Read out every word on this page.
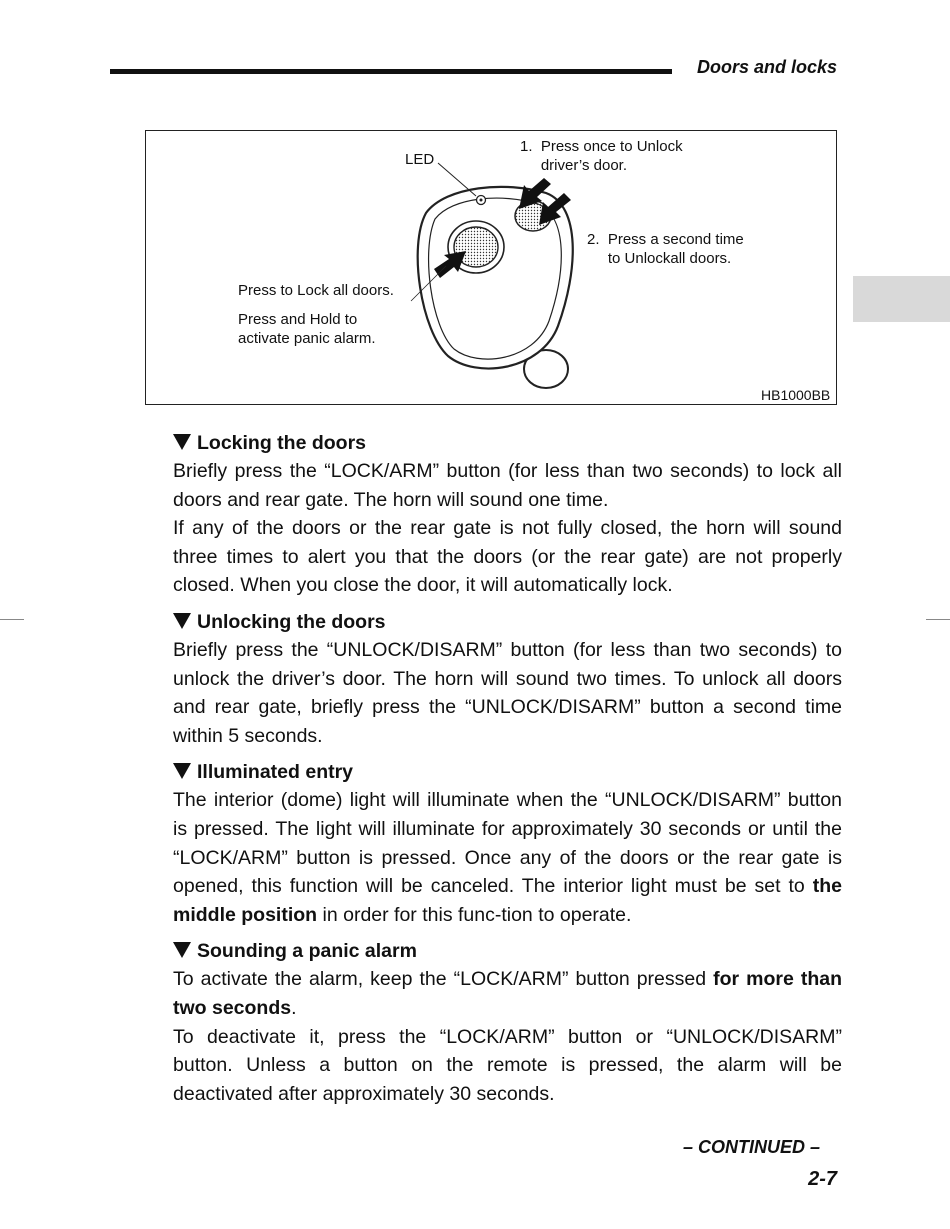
Doors and locks
LED
1.  Press once to Unlock
driver’s door.
2.  Press a second time
to Unlockall doors.
Press to Lock all doors.
Press and Hold to
activate panic alarm.
HB1000BB
Locking the doors

Briefly press the “LOCK/ARM” button (for less than two seconds) to lock all doors and rear gate. The horn will sound one time.

If any of the doors or the rear gate is not fully closed, the horn will sound three times to alert you that the doors (or the rear gate) are not properly closed. When you close the door, it will automatically lock.

Unlocking the doors

Briefly press the “UNLOCK/DISARM” button (for less than two seconds) to unlock the driver’s door. The horn will sound two times. To unlock all doors and rear gate, briefly press the “UNLOCK/DISARM” button a second time within 5 seconds.

Illuminated entry

The interior (dome) light will illuminate when the “UNLOCK/DISARM” button is pressed. The light will illuminate for approximately 30 seconds or until the “LOCK/ARM” button is pressed. Once any of the doors or the rear gate is opened, this function will be canceled. The interior light must be set to the middle position in order for this func-tion to operate.

Sounding a panic alarm

To activate the alarm, keep the “LOCK/ARM” button pressed for more than two seconds.

To deactivate it, press the “LOCK/ARM” button or “UNLOCK/DISARM” button. Unless a button on the remote is pressed, the alarm will be deactivated after approximately 30 seconds.

– CONTINUED –
2-7
